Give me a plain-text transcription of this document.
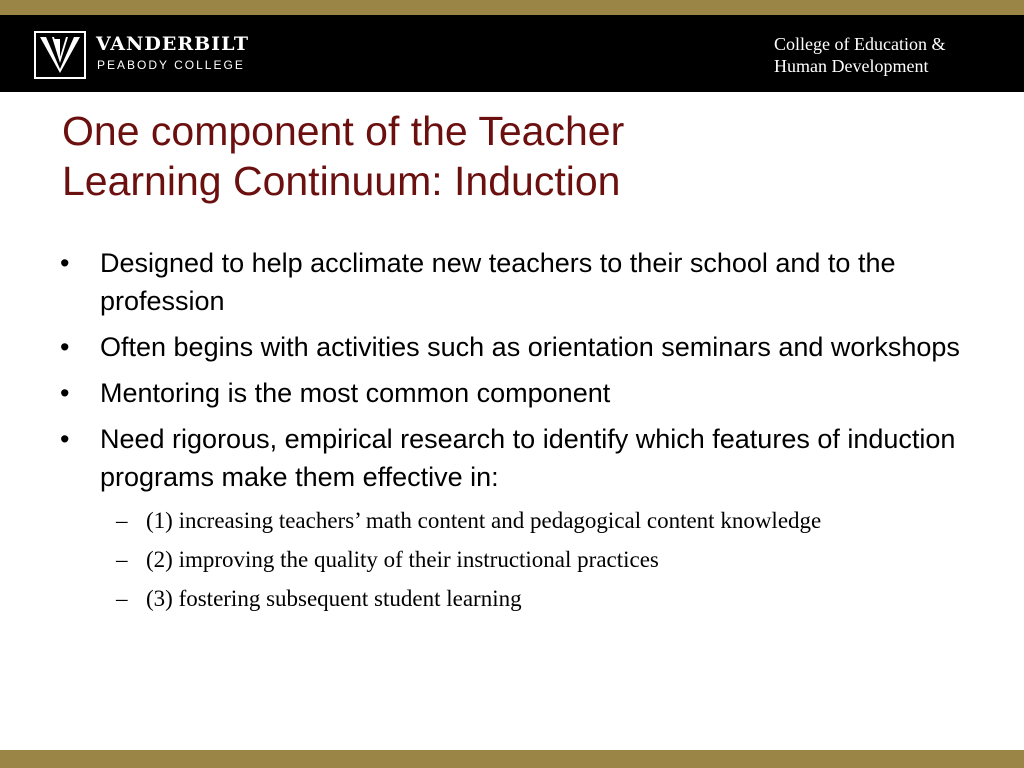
VANDERBILT
PEABODY COLLEGE
College of Education &
Human Development
One component of the Teacher
Learning Continuum: Induction
• Designed to help acclimate new teachers to their school and to the profession
• Often begins with activities such as orientation seminars and workshops
• Mentoring is the most common component
• Need rigorous, empirical research to identify which features of induction programs make them effective in:
– (1) increasing teachers’ math content and pedagogical content knowledge
– (2) improving the quality of their instructional practices
– (3) fostering subsequent student learning
